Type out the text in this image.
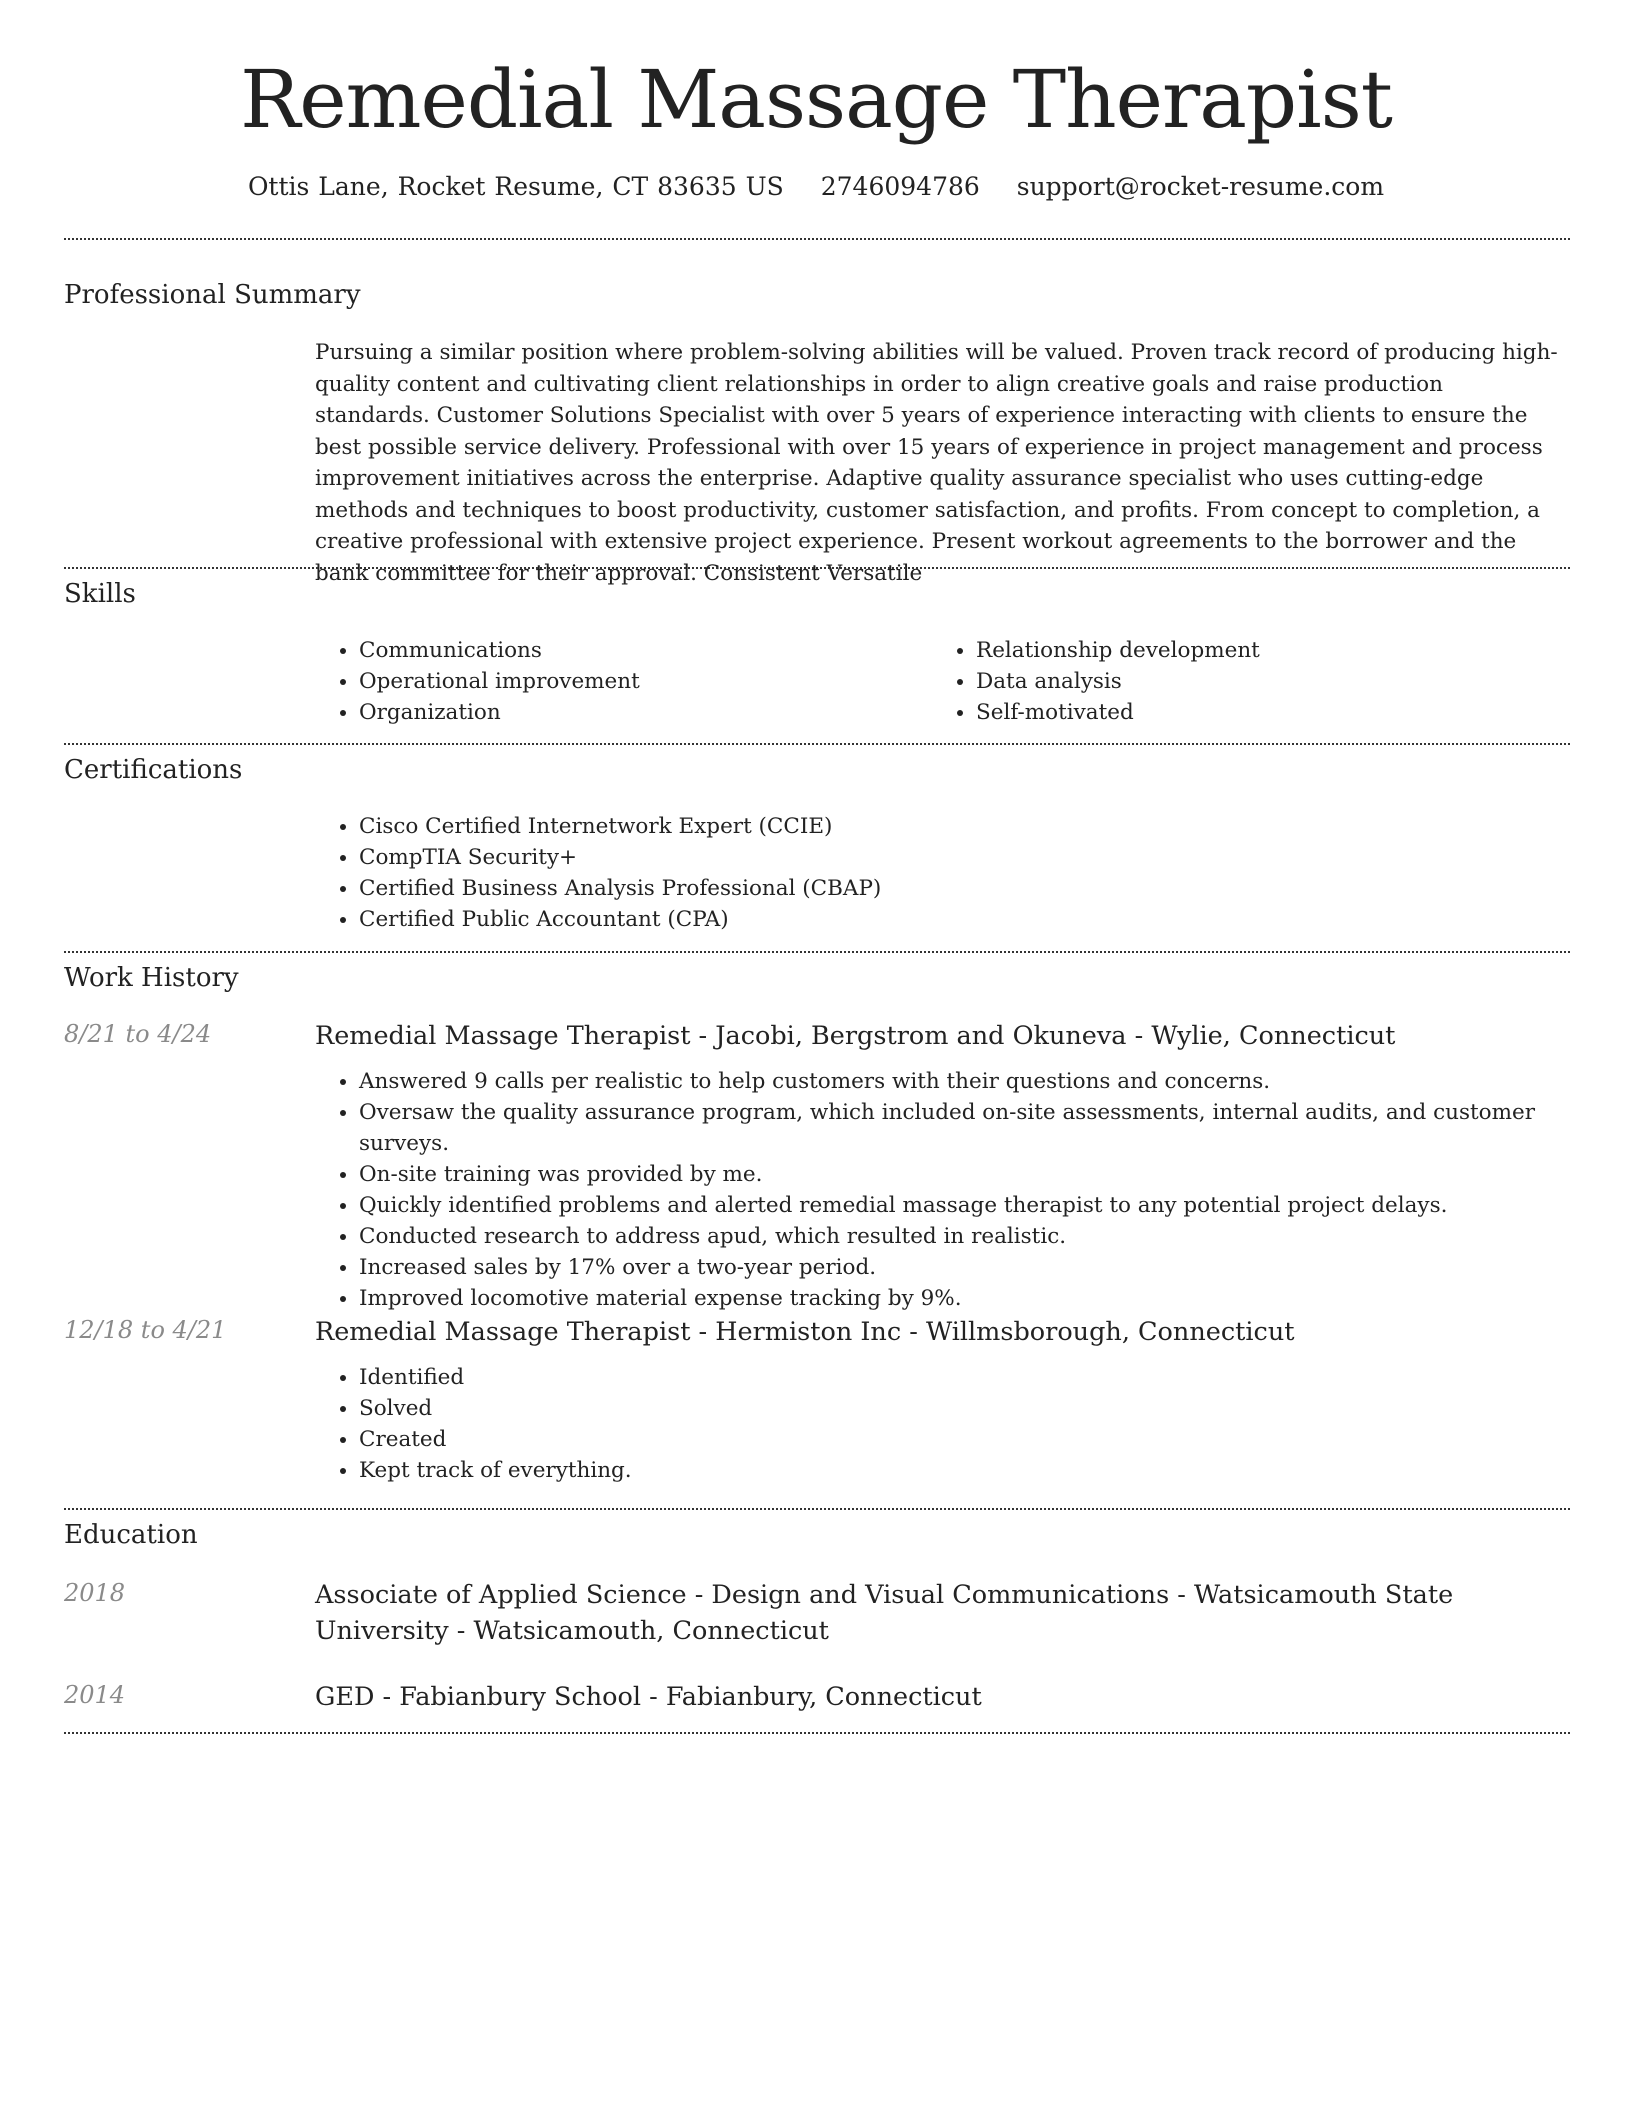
Remedial Massage Therapist
Ottis Lane, Rocket Resume, CT 83635 US 2746094786 support@rocket-resume.com
Professional Summary
Pursuing a similar position where problem-solving abilities will be valued. Proven track record of producing high-quality content and cultivating client relationships in order to align creative goals and raise production standards. Customer Solutions Specialist with over 5 years of experience interacting with clients to ensure the best possible service delivery. Professional with over 15 years of experience in project management and process improvement initiatives across the enterprise. Adaptive quality assurance specialist who uses cutting-edge methods and techniques to boost productivity, customer satisfaction, and profits. From concept to completion, a creative professional with extensive project experience. Present workout agreements to the borrower and the bank committee for their approval. Consistent Versatile
Skills
• Communications
• Operational improvement
• Organization
• Relationship development
• Data analysis
• Self-motivated
Certifications
• Cisco Certified Internetwork Expert (CCIE)
• CompTIA Security+
• Certified Business Analysis Professional (CBAP)
• Certified Public Accountant (CPA)
Work History
8/21 to 4/24	Remedial Massage Therapist - Jacobi, Bergstrom and Okuneva - Wylie, Connecticut
• Answered 9 calls per realistic to help customers with their questions and concerns.
• Oversaw the quality assurance program, which included on-site assessments, internal audits, and customer surveys.
• On-site training was provided by me.
• Quickly identified problems and alerted remedial massage therapist to any potential project delays.
• Conducted research to address apud, which resulted in realistic.
• Increased sales by 17% over a two-year period.
• Improved locomotive material expense tracking by 9%.
12/18 to 4/21	Remedial Massage Therapist - Hermiston Inc - Willmsborough, Connecticut
• Identified
• Solved
• Created
• Kept track of everything.
Education
2018	Associate of Applied Science - Design and Visual Communications - Watsicamouth State University - Watsicamouth, Connecticut
2014	GED - Fabianbury School - Fabianbury, Connecticut
